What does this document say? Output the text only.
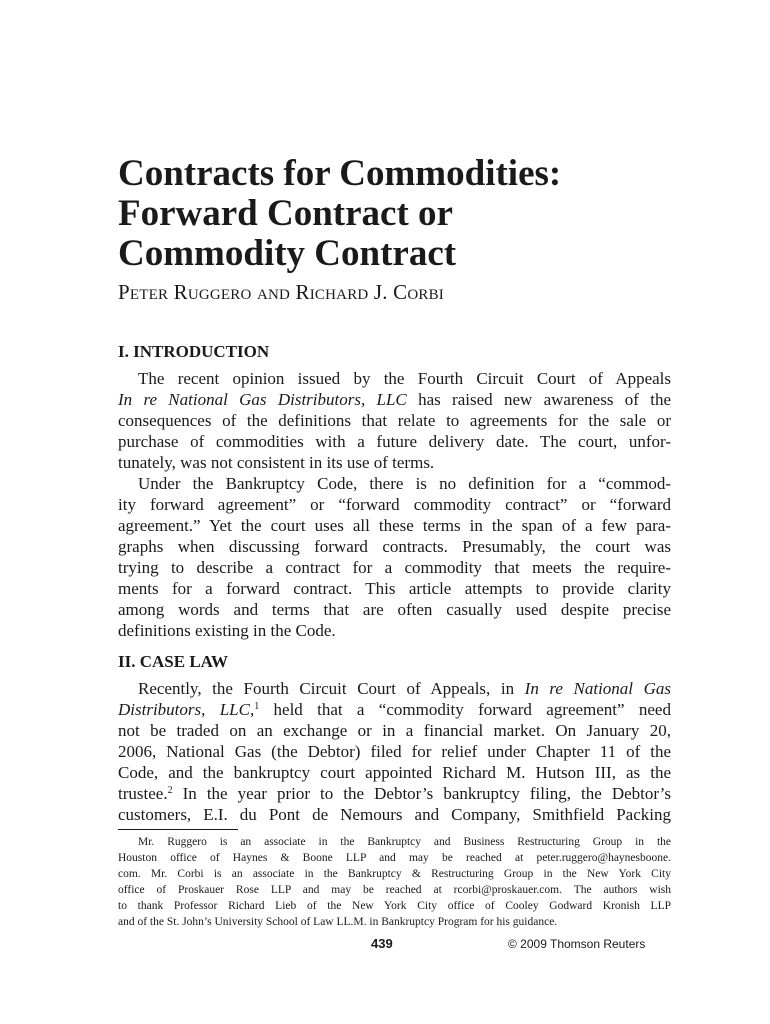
Contracts for Commodities:
Forward Contract or
Commodity Contract

Peter Ruggero and Richard J. Corbi

I. INTRODUCTION
The recent opinion issued by the Fourth Circuit Court of Appeals
In re National Gas Distributors, LLC has raised new awareness of the
consequences of the definitions that relate to agreements for the sale or
purchase of commodities with a future delivery date. The court, unfor-
tunately, was not consistent in its use of terms.
Under the Bankruptcy Code, there is no definition for a “commod-
ity forward agreement” or “forward commodity contract” or “forward
agreement.” Yet the court uses all these terms in the span of a few para-
graphs when discussing forward contracts. Presumably, the court was
trying to describe a contract for a commodity that meets the require-
ments for a forward contract. This article attempts to provide clarity
among words and terms that are often casually used despite precise
definitions existing in the Code.
II. CASE LAW
Recently, the Fourth Circuit Court of Appeals, in In re National Gas
Distributors, LLC,$^1$ held that a “commodity forward agreement” need
not be traded on an exchange or in a financial market. On January 20,
2006, National Gas (the Debtor) filed for relief under Chapter 11 of the
Code, and the bankruptcy court appointed Richard M. Hutson III, as the
trustee.$^2$ In the year prior to the Debtor’s bankruptcy filing, the Debtor’s
customers, E.I. du Pont de Nemours and Company, Smithfield Packing
Mr. Ruggero is an associate in the Bankruptcy and Business Restructuring Group in the
Houston office of Haynes & Boone LLP and may be reached at peter.ruggero@haynesboone.
com. Mr. Corbi is an associate in the Bankruptcy & Restructuring Group in the New York City
office of Proskauer Rose LLP and may be reached at rcorbi@proskauer.com. The authors wish
to thank Professor Richard Lieb of the New York City office of Cooley Godward Kronish LLP
and of the St. John’s University School of Law LL.M. in Bankruptcy Program for his guidance.
439	© 2009 Thomson Reuters
